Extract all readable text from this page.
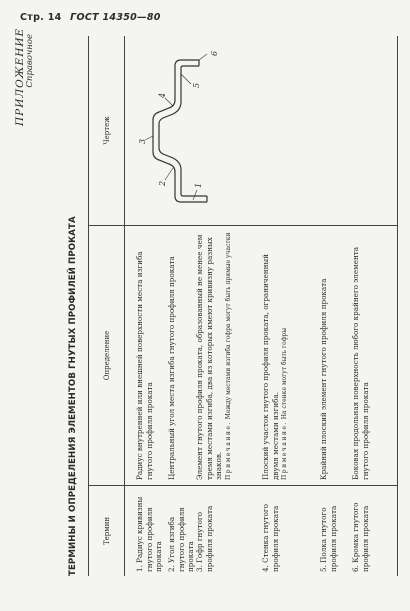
Стр. 14 ГОСТ 14350—80
ПРИЛОЖЕНИЕ Справочное
ТЕРМИНЫ И ОПРЕДЕЛЕНИЯ ЭЛЕМЕНТОВ ГНУТЫХ ПРОФИЛЕЙ ПРОКАТА	Термин
Определение
Чертеж
1. Радиус кривизны гнутого профиля проката
Радиус внутренней или внешней поверхности места изгиба гнутого профиля проката
2. Угол изгиба гнутого профиля проката
Центральный угол места изгиба гнутого профиля проката
3. Гофр гнутого профиля проката
Элемент гнутого профиля проката, образованный не менее чем тремя местами изгиба, два из которых имеют кривизну разных знаков. Примечание. Между местами изгиба гофра могут быть прямые участки
4. Стенка гнутого профиля проката
Плоский участок гнутого профиля проката, ограниченный двумя местами изгиба. Примечание. На стенке могут быть гофры
5. Полка гнутого профиля проката
Крайний плоский элемент гнутого профиля проката
6. Кромка гнутого профиля проката
Боковая продольная поверхность любого крайнего элемента гнутого профиля проката
1
2
3
4
5
6
